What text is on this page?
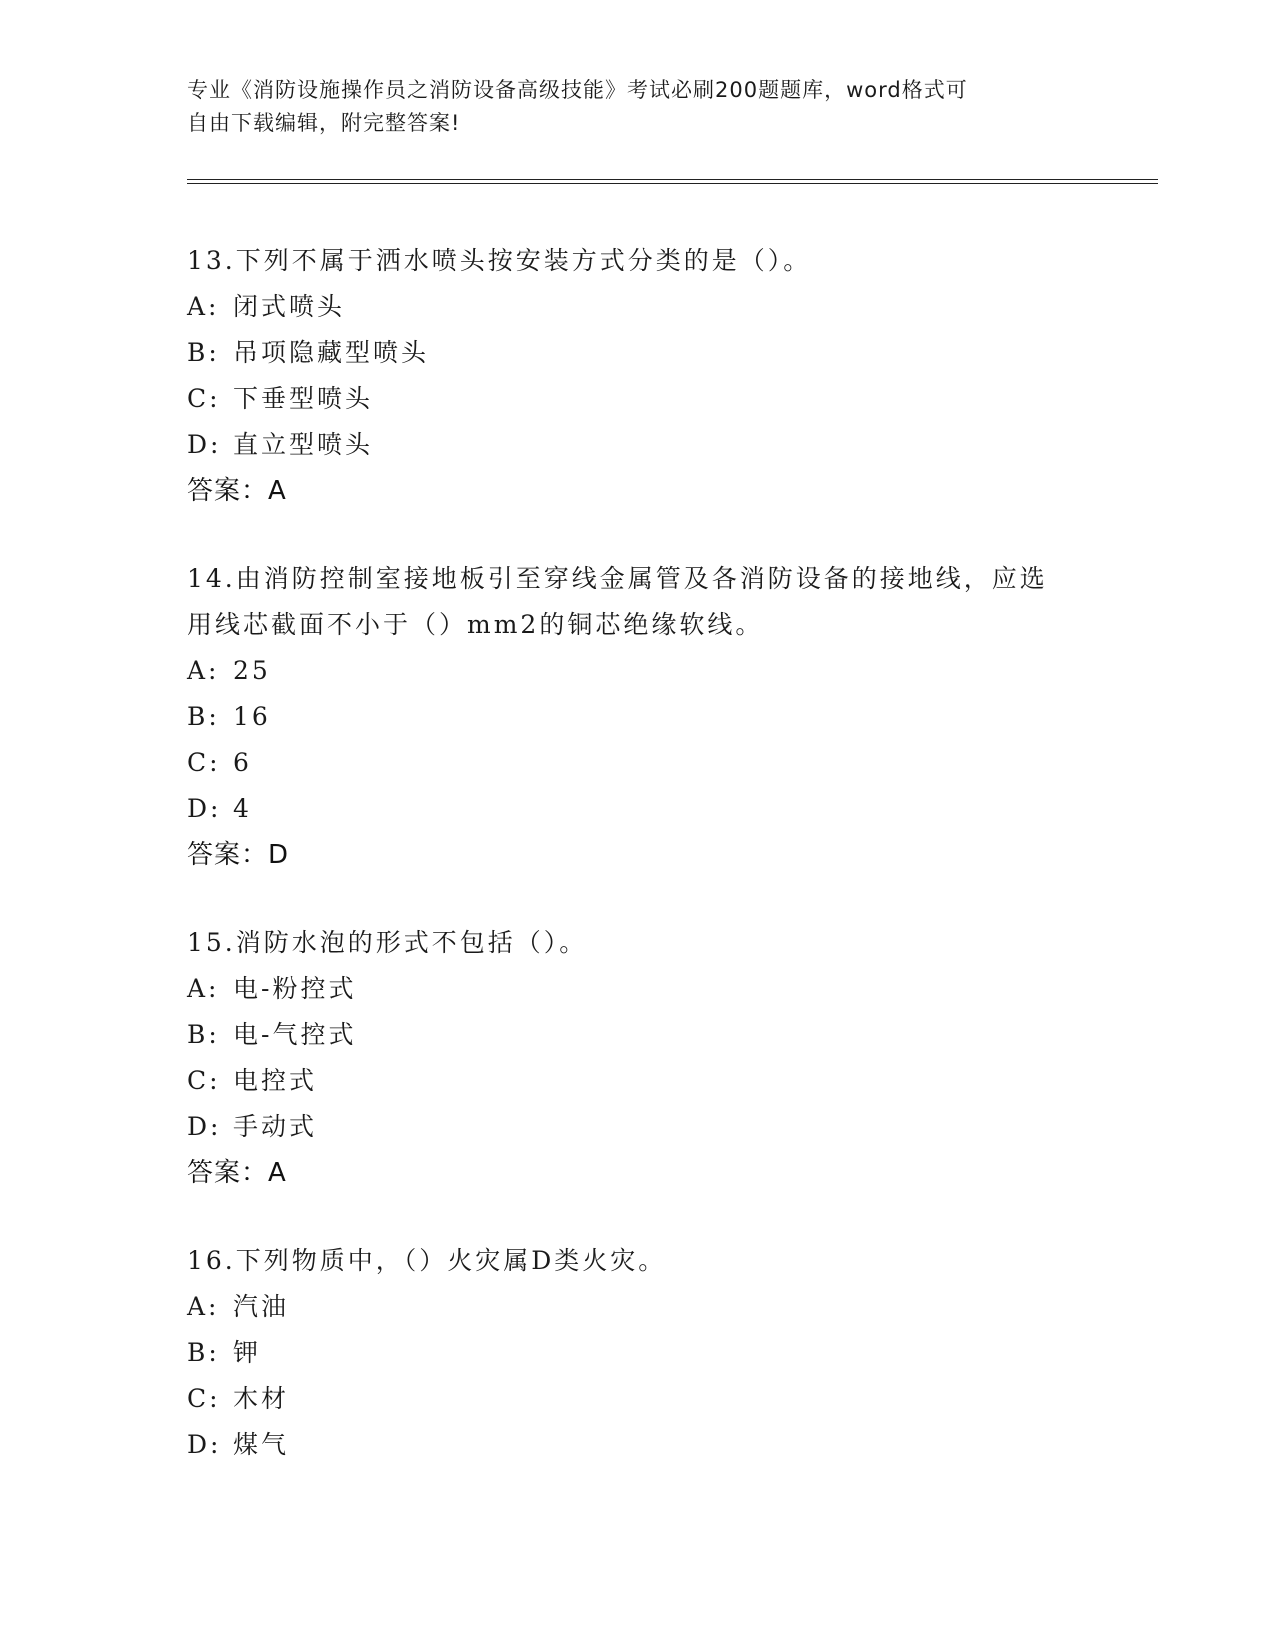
专业《消防设施操作员之消防设备高级技能》考试必刷200题题库，word格式可
自由下载编辑，附完整答案!
13.下列不属于洒水喷头按安装方式分类的是（）。
A: 闭式喷头
B: 吊项隐藏型喷头
C: 下垂型喷头
D: 直立型喷头
答案：A
14.由消防控制室接地板引至穿线金属管及各消防设备的接地线，应选
用线芯截面不小于（）mm2的铜芯绝缘软线。
A: 25
B: 16
C: 6
D: 4
答案：D
15.消防水泡的形式不包括（）。
A: 电-粉控式
B: 电-气控式
C: 电控式
D: 手动式
答案：A
16.下列物质中，（）火灾属D类火灾。
A: 汽油
B: 钾
C: 木材
D: 煤气
